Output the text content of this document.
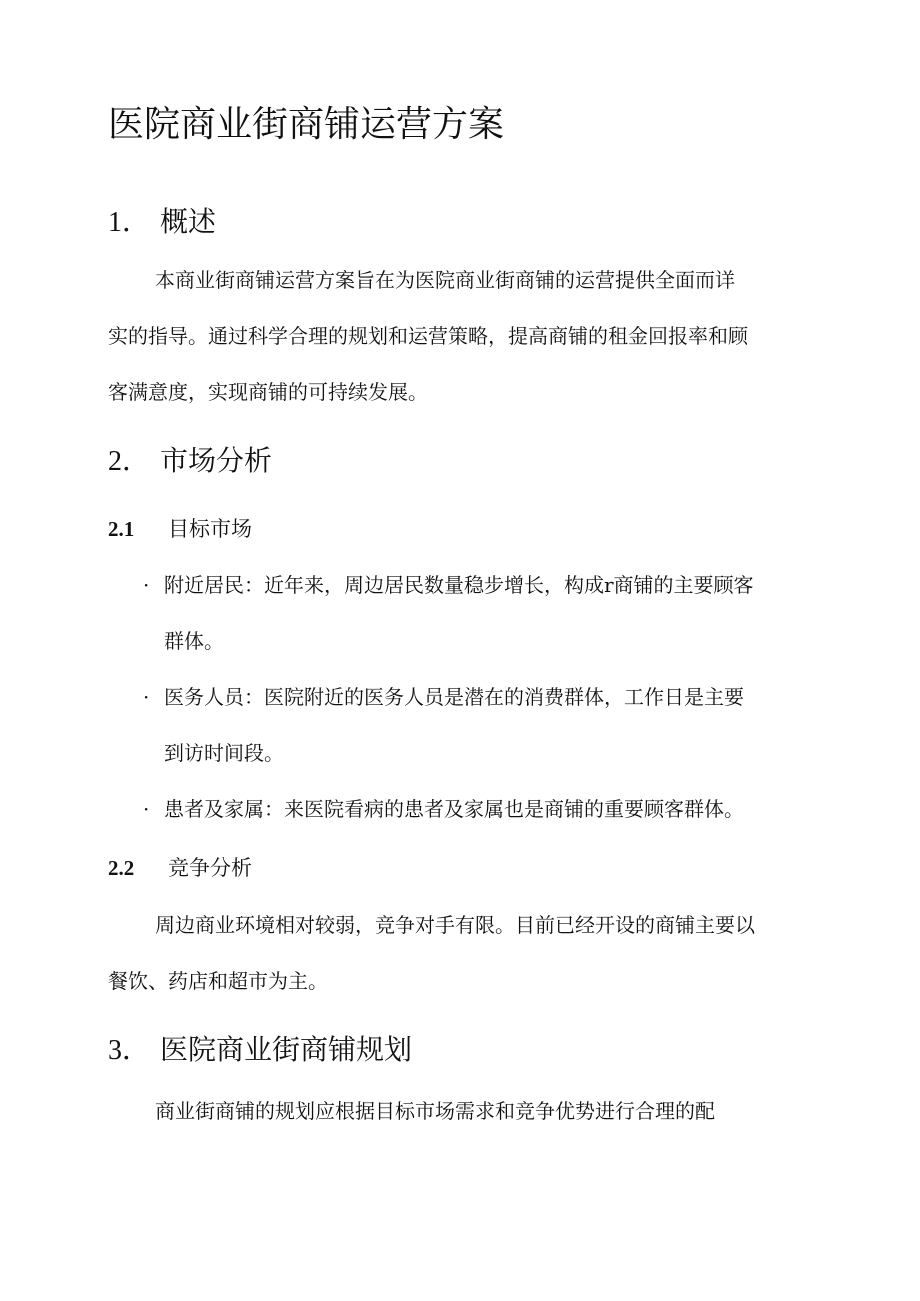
医院商业街商铺运营方案
1． 概述
本商业街商铺运营方案旨在为医院商业街商铺的运营提供全面而详
实的指导。通过科学合理的规划和运营策略，提高商铺的租金回报率和顾
客满意度，实现商铺的可持续发展。
2． 市场分析
2.1 目标市场
· 附近居民：近年来，周边居民数量稳步增长，构成r商铺的主要顾客
群体。
· 医务人员：医院附近的医务人员是潜在的消费群体，工作日是主要
到访时间段。
· 患者及家属：来医院看病的患者及家属也是商铺的重要顾客群体。
2.2 竞争分析
周边商业环境相对较弱，竞争对手有限。目前已经开设的商铺主要以
餐饮、药店和超市为主。
3． 医院商业街商铺规划
商业街商铺的规划应根据目标市场需求和竞争优势进行合理的配
